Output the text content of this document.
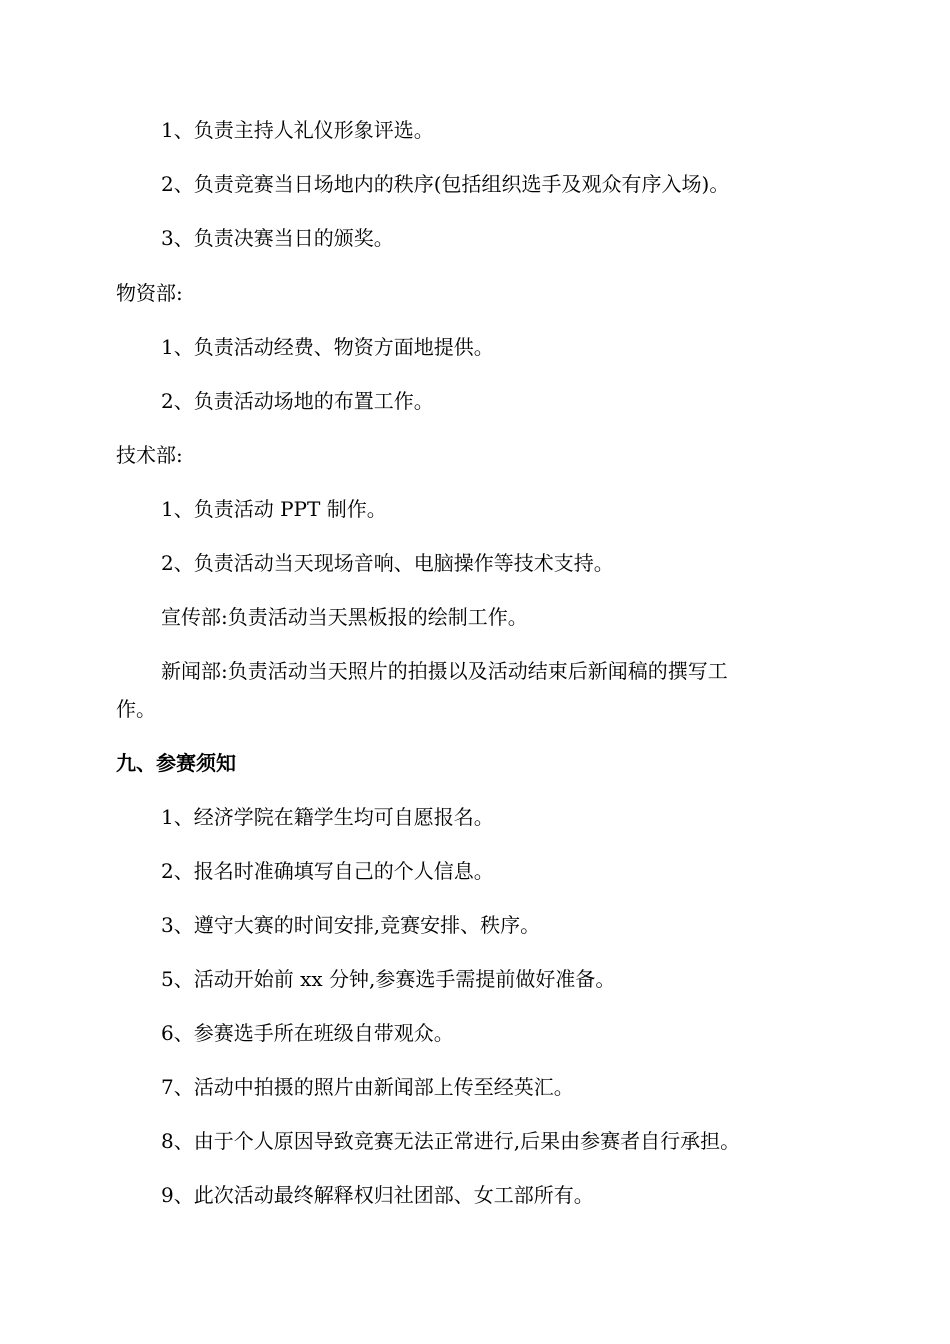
1、负责主持人礼仪形象评选。
2、负责竞赛当日场地内的秩序(包括组织选手及观众有序入场)。
3、负责决赛当日的颁奖。
物资部:
1、负责活动经费、物资方面地提供。
2、负责活动场地的布置工作。
技术部:
1、负责活动 PPT 制作。
2、负责活动当天现场音响、电脑操作等技术支持。
宣传部:负责活动当天黑板报的绘制工作。
新闻部:负责活动当天照片的拍摄以及活动结束后新闻稿的撰写工
作。
九、参赛须知
1、经济学院在籍学生均可自愿报名。
2、报名时准确填写自己的个人信息。
3、遵守大赛的时间安排,竞赛安排、秩序。
5、活动开始前 xx 分钟,参赛选手需提前做好准备。
6、参赛选手所在班级自带观众。
7、活动中拍摄的照片由新闻部上传至经英汇。
8、由于个人原因导致竞赛无法正常进行,后果由参赛者自行承担。
9、此次活动最终解释权归社团部、女工部所有。
